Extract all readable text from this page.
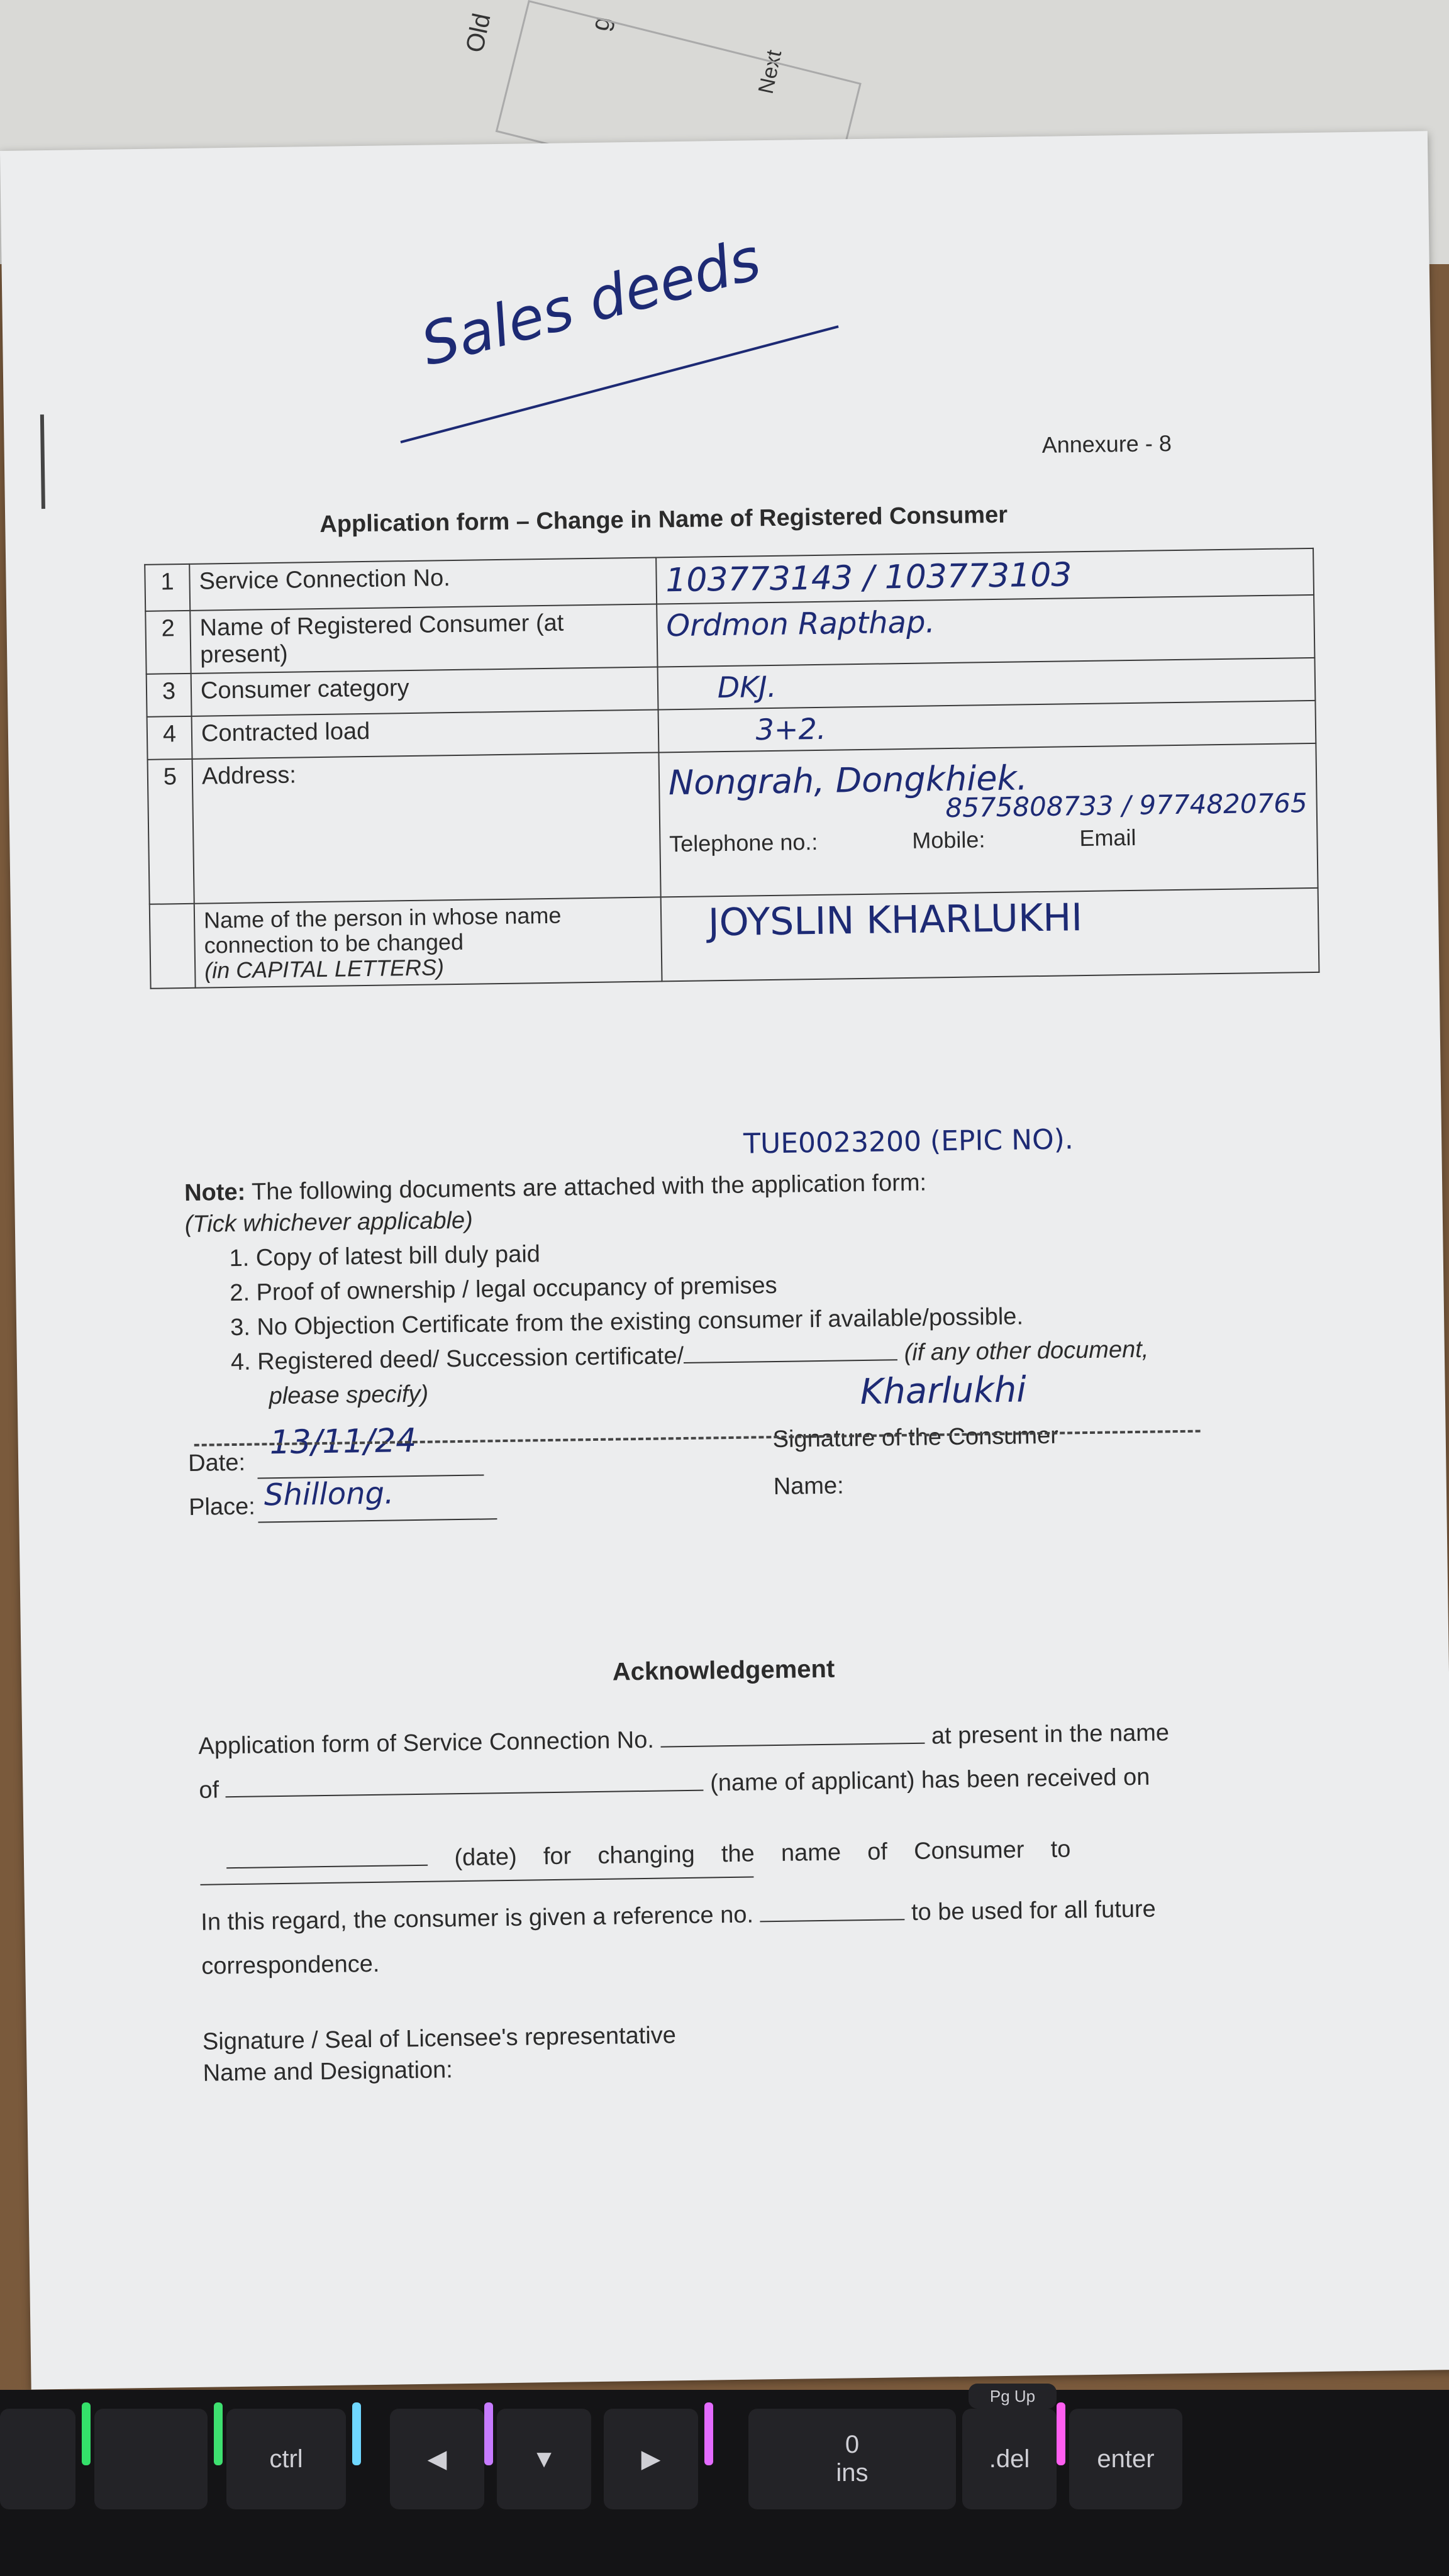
Old	g
Next
Sales deeds
Annexure - 8
Application form – Change in Name of Registered Consumer
1	Service Connection No.	103773143 / 103773103
2	Name of Registered Consumer (at present)	Ordmon Rapthap.
3	Consumer category	DKJ.
4	Contracted load	3+2.
5	Address:	Nongrah, Dongkhiek.
8575808733 / 9774820765
Telephone no.: Mobile: Email

	Name of the person in whose name
connection to be changed
(in CAPITAL LETTERS)	JOYSLIN KHARLUKHI
TUE0023200 (EPIC NO).
Note: The following documents are attached with the application form:
(Tick whichever applicable)
1. Copy of latest bill duly paid
2. Proof of ownership / legal occupancy of premises
3. No Objection Certificate from the existing consumer if available/possible.
4. Registered deed/ Succession certificate/	(if any other document,
please specify)	Kharlukhi
Signature of the Consumer
Name:
Date:
13/11/24
Place: Shillong.
Acknowledgement
Application form of Service Connection No.	at present in the name
of	(name of applicant) has been received on

(date)    for    changing    the    name    of    Consumer    to

In this regard, the consumer is given a reference no.	to be used for all future
correspondence.
Signature / Seal of Licensee's representative
Name and Designation:
ctrl	◀	▼	▶
0
ins
.del	enter
Pg Up
